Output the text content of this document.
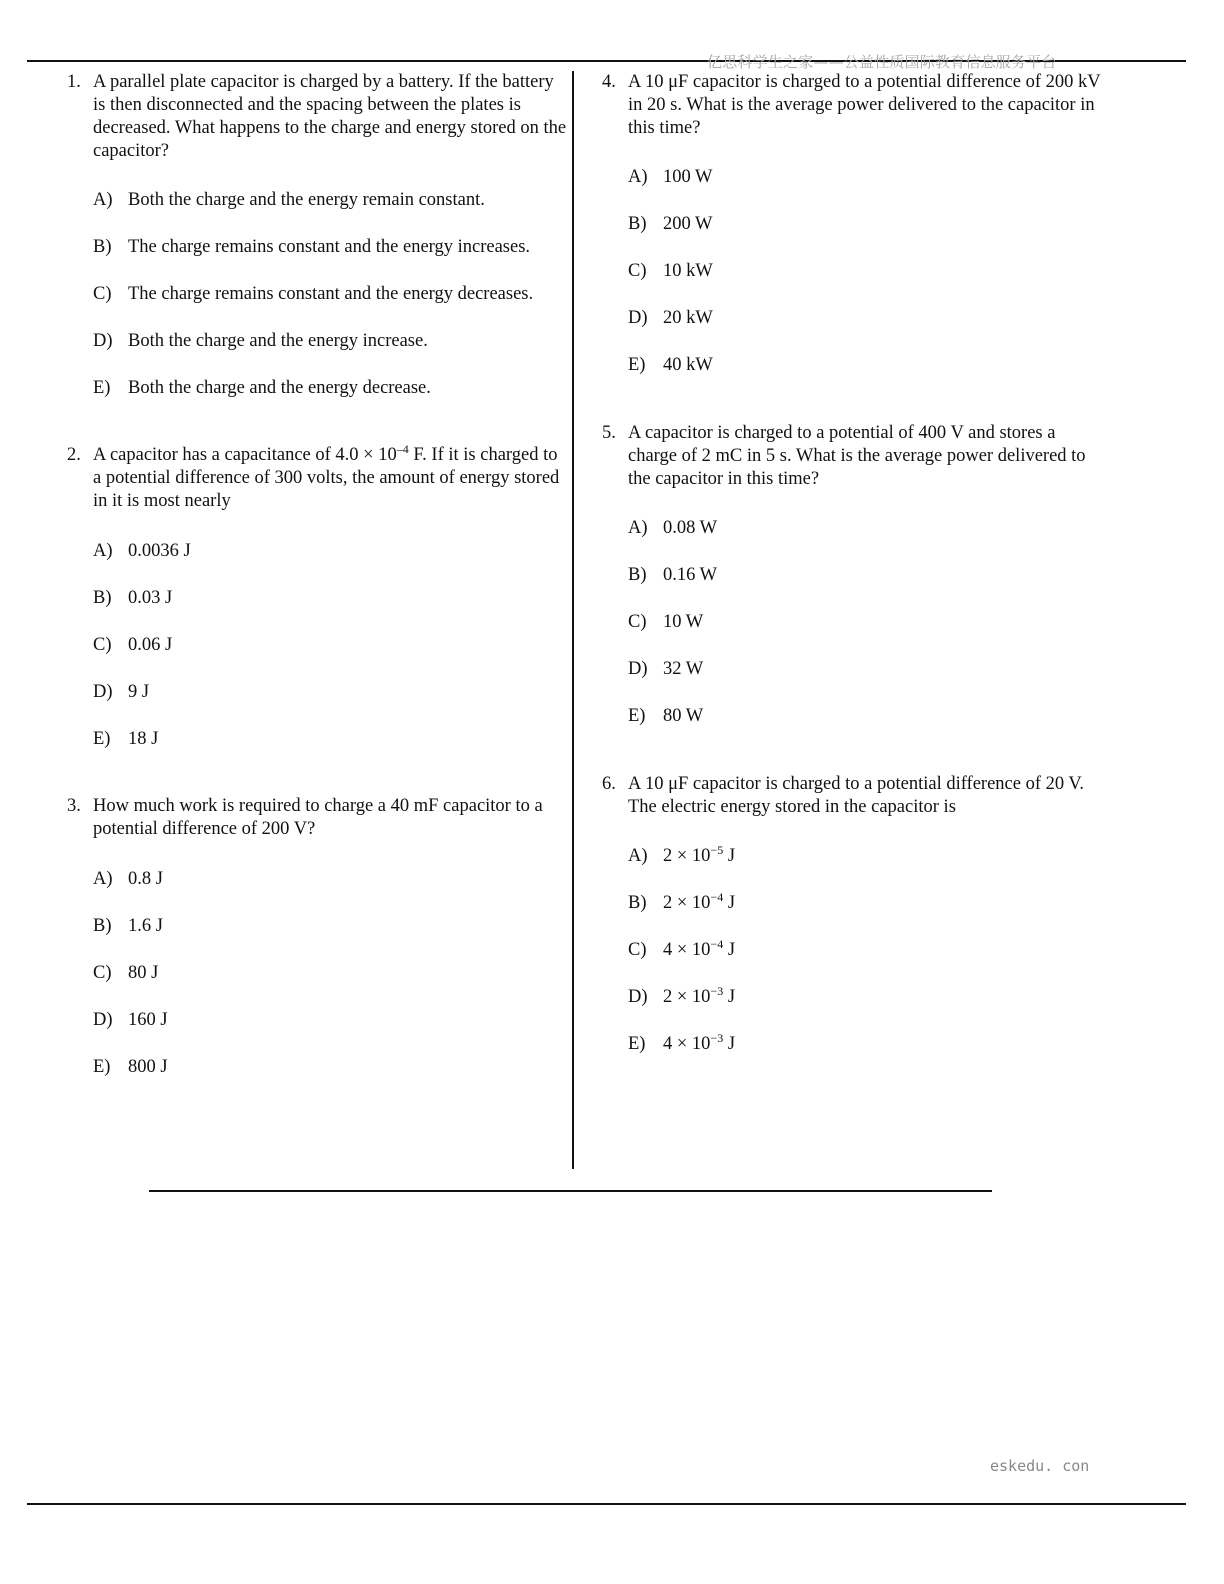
亿思科学生之家——公益性质国际教育信息服务平台
eskedu. con
1. A parallel plate capacitor is charged by a battery. If the battery is then disconnected and the spacing between the plates is decreased. What happens to the charge and energy stored on the capacitor?
A) Both the charge and the energy remain constant.
B) The charge remains constant and the energy increases.
C) The charge remains constant and the energy decreases.
D) Both the charge and the energy increase.
E) Both the charge and the energy decrease.
2. A capacitor has a capacitance of $4.0 \times 10^{-4}$ F. If it is charged to a potential difference of 300 volts, the amount of energy stored in it is most nearly
A) 0.0036 J
B) 0.03 J
C) 0.06 J
D) 9 J
E) 18 J
3. How much work is required to charge a 40 mF capacitor to a potential difference of 200 V?
A) 0.8 J
B) 1.6 J
C) 80 J
D) 160 J
E) 800 J
4. A 10 μF capacitor is charged to a potential difference of 200 kV in 20 s. What is the average power delivered to the capacitor in this time?
A) 100 W
B) 200 W
C) 10 kW
D) 20 kW
E) 40 kW
5. A capacitor is charged to a potential of 400 V and stores a charge of 2 mC in 5 s. What is the average power delivered to the capacitor in this time?
A) 0.08 W
B) 0.16 W
C) 10 W
D) 32 W
E) 80 W
6. A 10 μF capacitor is charged to a potential difference of 20 V. The electric energy stored in the capacitor is
A) $2 \times 10^{-5}$ J
B) $2 \times 10^{-4}$ J
C) $4 \times 10^{-4}$ J
D) $2 \times 10^{-3}$ J
E) $4 \times 10^{-3}$ J
